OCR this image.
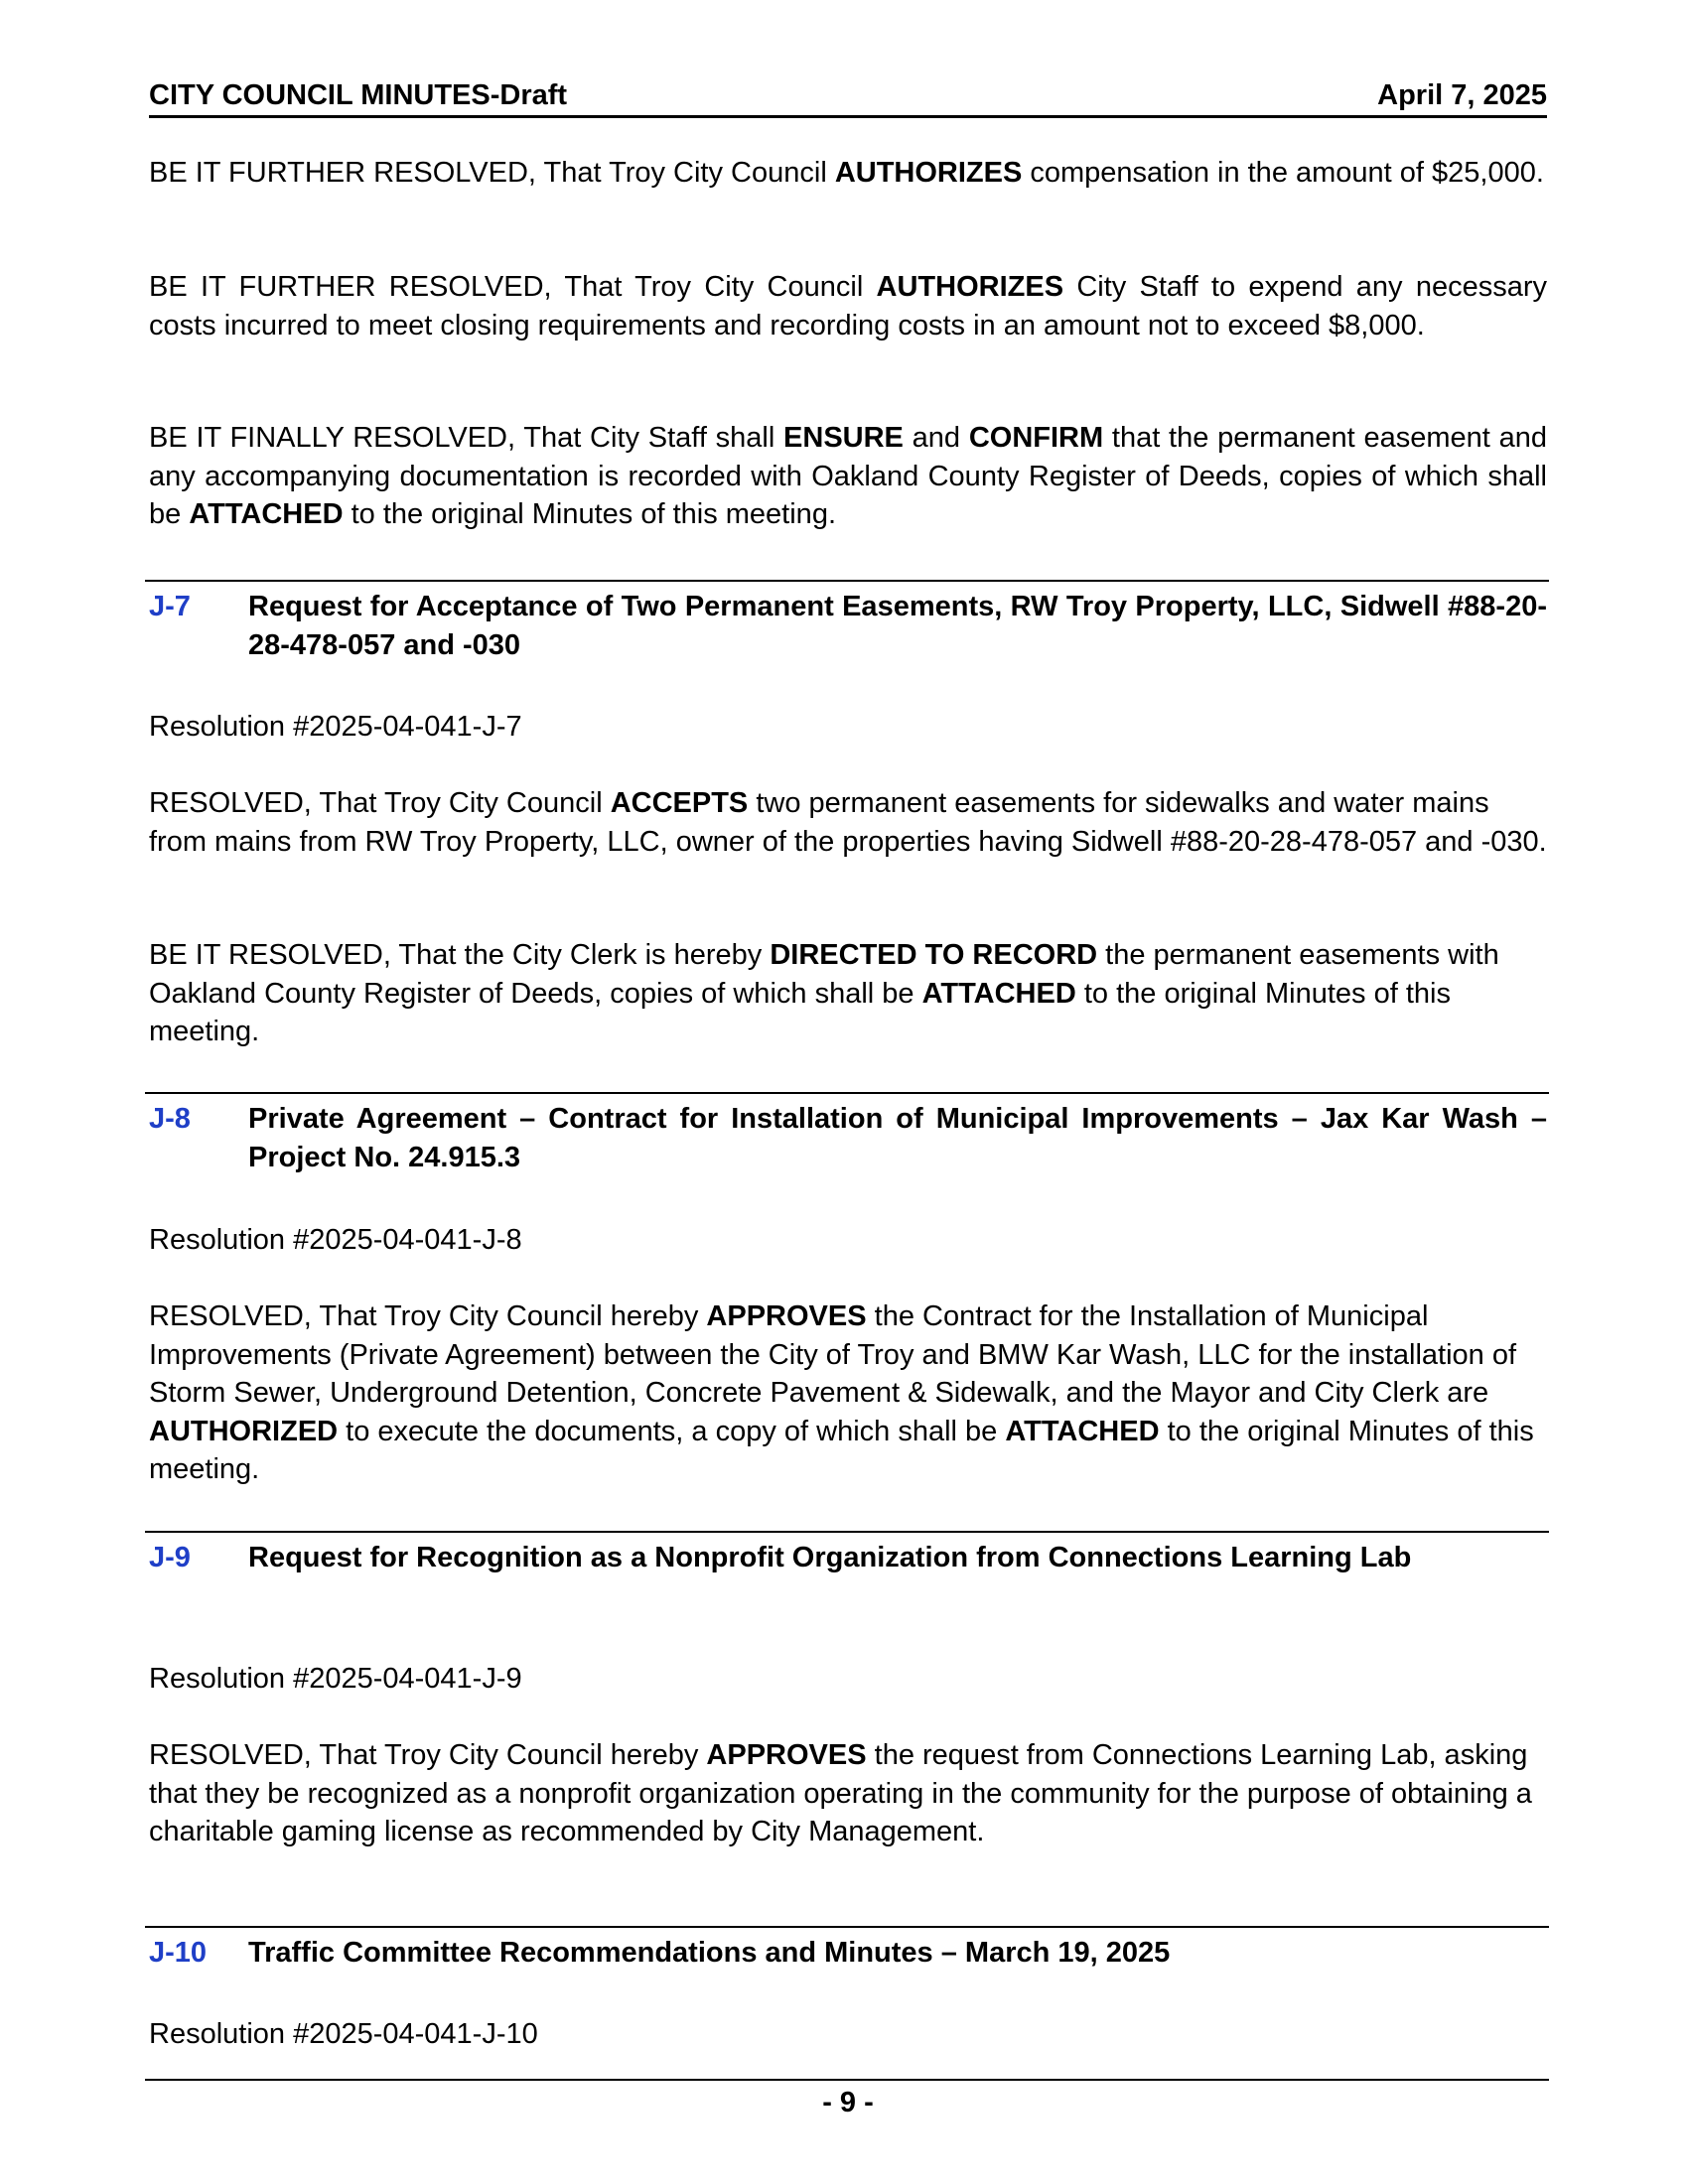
CITY COUNCIL MINUTES-Draft	April 7, 2025

BE IT FURTHER RESOLVED, That Troy City Council AUTHORIZES compensation in the amount of $25,000.

BE IT FURTHER RESOLVED, That Troy City Council AUTHORIZES City Staff to expend any necessary costs incurred to meet closing requirements and recording costs in an amount not to exceed $8,000.

BE IT FINALLY RESOLVED, That City Staff shall ENSURE and CONFIRM that the permanent easement and any accompanying documentation is recorded with Oakland County Register of Deeds, copies of which shall be ATTACHED to the original Minutes of this meeting.

J-7 Request for Acceptance of Two Permanent Easements, RW Troy Property, LLC, Sidwell #88-20-28-478-057 and -030

Resolution #2025-04-041-J-7

RESOLVED, That Troy City Council ACCEPTS two permanent easements for sidewalks and water mains from mains from RW Troy Property, LLC, owner of the properties having Sidwell #88-20-28-478-057 and -030.

BE IT RESOLVED, That the City Clerk is hereby DIRECTED TO RECORD the permanent easements with Oakland County Register of Deeds, copies of which shall be ATTACHED to the original Minutes of this meeting.

J-8 Private Agreement – Contract for Installation of Municipal Improvements – Jax Kar Wash – Project No. 24.915.3

Resolution #2025-04-041-J-8

RESOLVED, That Troy City Council hereby APPROVES the Contract for the Installation of Municipal Improvements (Private Agreement) between the City of Troy and BMW Kar Wash, LLC for the installation of Storm Sewer, Underground Detention, Concrete Pavement & Sidewalk, and the Mayor and City Clerk are AUTHORIZED to execute the documents, a copy of which shall be ATTACHED to the original Minutes of this meeting.

J-9 Request for Recognition as a Nonprofit Organization from Connections Learning Lab

Resolution #2025-04-041-J-9

RESOLVED, That Troy City Council hereby APPROVES the request from Connections Learning Lab, asking that they be recognized as a nonprofit organization operating in the community for the purpose of obtaining a charitable gaming license as recommended by City Management.

J-10 Traffic Committee Recommendations and Minutes – March 19, 2025

Resolution #2025-04-041-J-10

- 9 -
